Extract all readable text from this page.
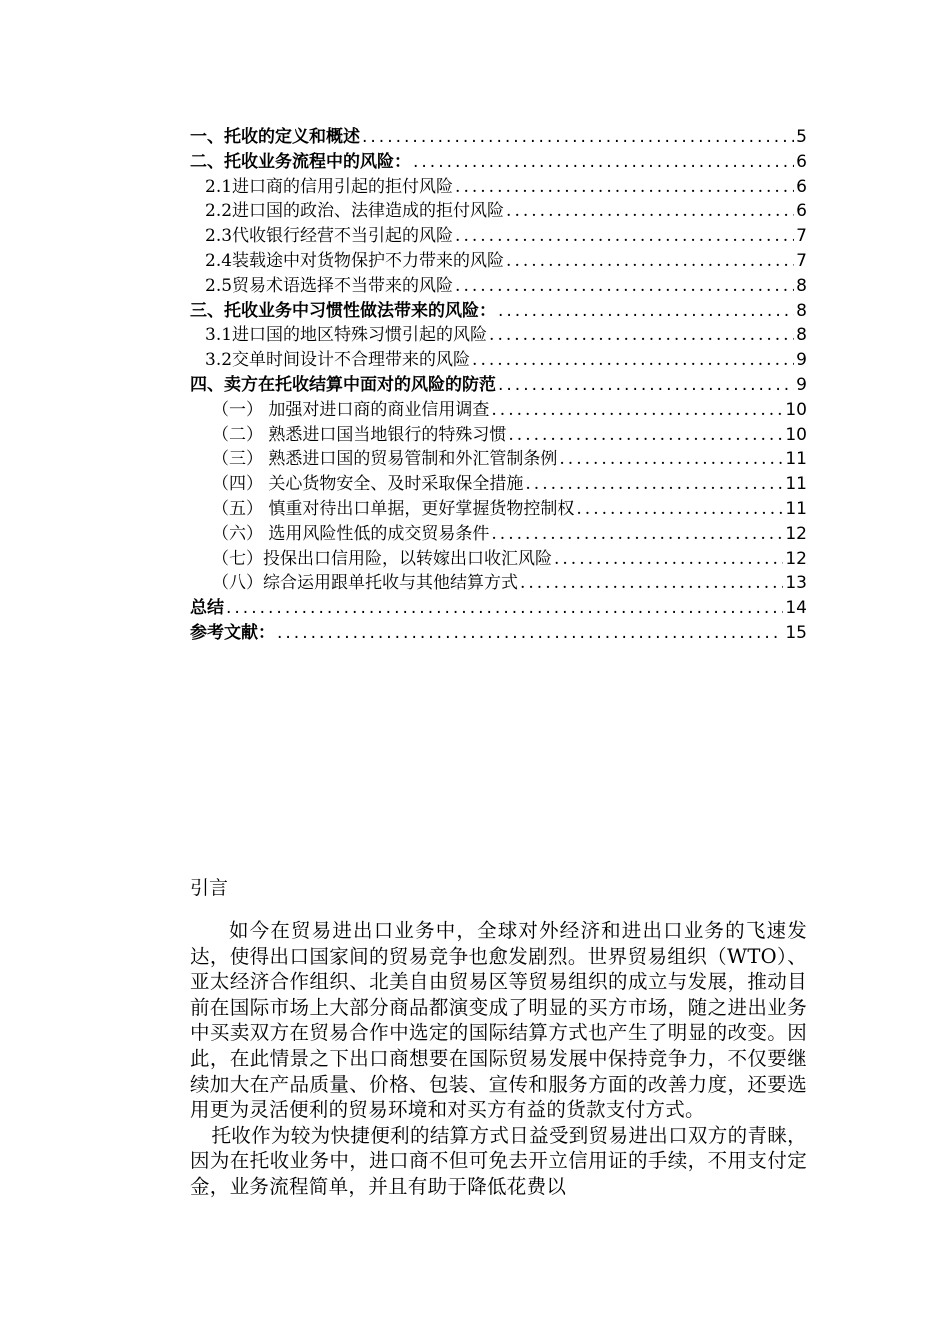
一、托收的定义和概述 .....	5
二、托收业务流程中的风险： .....	6
2.1进口商的信用引起的拒付风险 .....	6
2.2进口国的政治、法律造成的拒付风险 .....	6
2.3代收银行经营不当引起的风险 .....	7
2.4装载途中对货物保护不力带来的风险 .....	7
2.5贸易术语选择不当带来的风险 .....	8
三、托收业务中习惯性做法带来的风险： .....	8
3.1进口国的地区特殊习惯引起的风险 .....	8
3.2交单时间设计不合理带来的风险 .....	9
四、卖方在托收结算中面对的风险的防范 .....	9
（一） 加强对进口商的商业信用调查 .....	10
（二） 熟悉进口国当地银行的特殊习惯 .....	10
（三） 熟悉进口国的贸易管制和外汇管制条例 .....	11
（四） 关心货物安全、及时采取保全措施 .....	11
（五） 慎重对待出口单据，更好掌握货物控制权 .....	11
（六） 选用风险性低的成交贸易条件 .....	12
（七）投保出口信用险，以转嫁出口收汇风险 .....	12
（八）综合运用跟单托收与其他结算方式 .....	13
总结 .....	14
参考文献： .....	15
引言

如今在贸易进出口业务中，全球对外经济和进出口业务的飞速发达，使得出口国家间的贸易竞争也愈发剧烈。世界贸易组织（WTO）、亚太经济合作组织、北美自由贸易区等贸易组织的成立与发展，推动目前在国际市场上大部分商品都演变成了明显的买方市场，随之进出业务中买卖双方在贸易合作中选定的国际结算方式也产生了明显的改变。因此，在此情景之下出口商想要在国际贸易发展中保持竞争力，不仅要继续加大在产品质量、价格、包装、宣传和服务方面的改善力度，还要选用更为灵活便利的贸易环境和对买方有益的货款支付方式。

托收作为较为快捷便利的结算方式日益受到贸易进出口双方的青睐，因为在托收业务中，进口商不但可免去开立信用证的手续，不用支付定金，业务流程简单，并且有助于降低花费以
